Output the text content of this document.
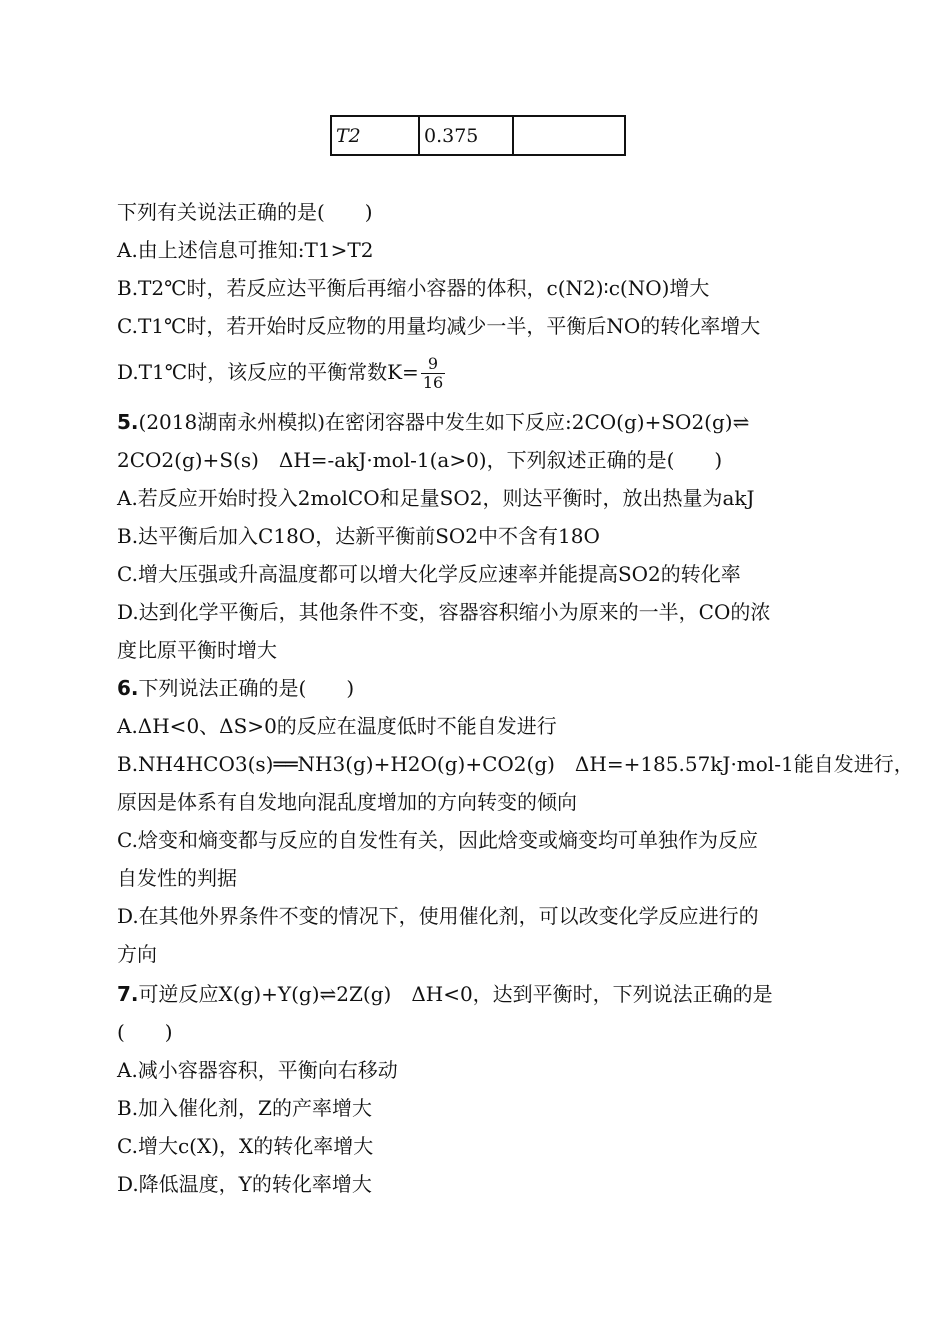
T2	0.375	
下列有关说法正确的是(　　)
A.由上述信息可推知:T1>T2
B.T2℃时，若反应达平衡后再缩小容器的体积，c(N2)∶c(NO)增大
C.T1℃时，若开始时反应物的用量均减少一半，平衡后NO的转化率增大
D.T1℃时，该反应的平衡常数$K= \frac{9}{16}$
5.(2018湖南永州模拟)在密闭容器中发生如下反应:2CO(g)+SO2(g)⇌
2CO2(g)+S(s)　ΔH=-akJ·mol-1(a>0)，下列叙述正确的是(　　)
A.若反应开始时投入2molCO和足量SO2，则达平衡时，放出热量为akJ
B.达平衡后加入C18O，达新平衡前SO2中不含有18O
C.增大压强或升高温度都可以增大化学反应速率并能提高SO2的转化率
D.达到化学平衡后，其他条件不变，容器容积缩小为原来的一半，CO的浓
度比原平衡时增大
6.下列说法正确的是(　　)
A.ΔH<0、ΔS>0的反应在温度低时不能自发进行
B.NH4HCO3(s)══NH3(g)+H2O(g)+CO2(g)　ΔH=+185.57kJ·mol-1能自发进行，
原因是体系有自发地向混乱度增加的方向转变的倾向
C.焓变和熵变都与反应的自发性有关，因此焓变或熵变均可单独作为反应
自发性的判据
D.在其他外界条件不变的情况下，使用催化剂，可以改变化学反应进行的
方向
7.可逆反应X(g)+Y(g)⇌2Z(g)　ΔH<0，达到平衡时，下列说法正确的是
(　　)
A.减小容器容积，平衡向右移动
B.加入催化剂，Z的产率增大
C.增大c(X)，X的转化率增大
D.降低温度，Y的转化率增大
